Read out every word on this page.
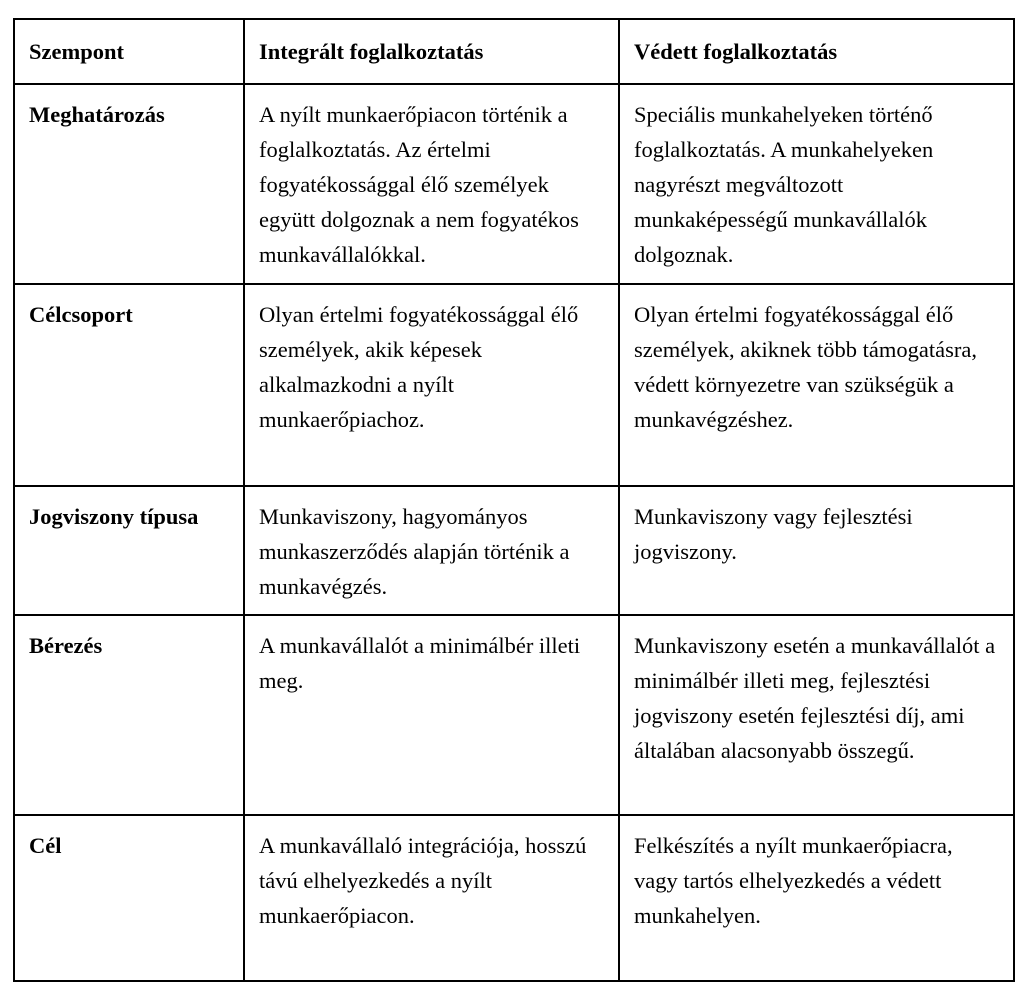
Szempont	Integrált foglalkoztatás	Védett foglalkoztatás

Meghatározás	A nyílt munkaerőpiacon történik a foglalkoztatás. Az értelmi fogyatékossággal élő személyek együtt dolgoznak a nem fogyatékos munkavállalókkal.	Speciális munkahelyeken történő foglalkoztatás. A munkahelyeken nagyrészt megváltozott munkaképességű munkavállalók dolgoznak.

Célcsoport	Olyan értelmi fogyatékossággal élő személyek, akik képesek alkalmazkodni a nyílt munkaerőpiachoz.	Olyan értelmi fogyatékossággal élő személyek, akiknek több támogatásra, védett környezetre van szükségük a munkavégzéshez.

Jogviszony típusa	Munkaviszony, hagyományos munkaszerződés alapján történik a munkavégzés.	Munkaviszony vagy fejlesztési jogviszony.

Bérezés	A munkavállalót a minimálbér illeti meg.	Munkaviszony esetén a munkavállalót a minimálbér illeti meg, fejlesztési jogviszony esetén fejlesztési díj, ami általában alacsonyabb összegű.

Cél	A munkavállaló integrációja, hosszú távú elhelyezkedés a nyílt munkaerőpiacon.	Felkészítés a nyílt munkaerőpiacra, vagy tartós elhelyezkedés a védett munkahelyen.
